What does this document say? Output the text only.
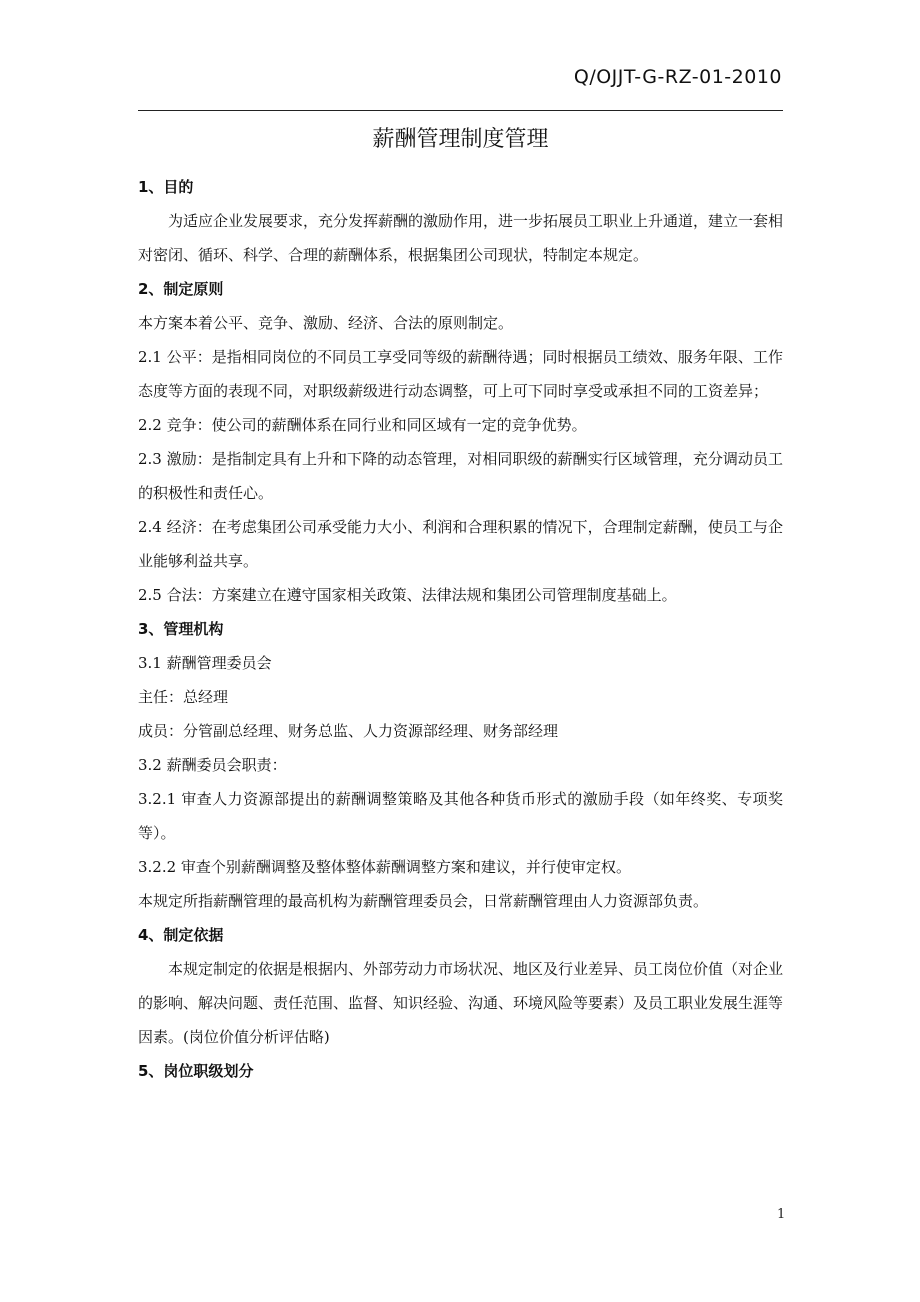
Q/OJJT-G-RZ-01-2010
薪酬管理制度管理

1、目的

为适应企业发展要求，充分发挥薪酬的激励作用，进一步拓展员工职业上升通道，建立一套相对密闭、循环、科学、合理的薪酬体系，根据集团公司现状，特制定本规定。

2、制定原则

本方案本着公平、竞争、激励、经济、合法的原则制定。

2.1 公平：是指相同岗位的不同员工享受同等级的薪酬待遇；同时根据员工绩效、服务年限、工作态度等方面的表现不同，对职级薪级进行动态调整，可上可下同时享受或承担不同的工资差异；

2.2 竞争：使公司的薪酬体系在同行业和同区域有一定的竞争优势。

2.3 激励：是指制定具有上升和下降的动态管理，对相同职级的薪酬实行区域管理，充分调动员工的积极性和责任心。

2.4 经济：在考虑集团公司承受能力大小、利润和合理积累的情况下，合理制定薪酬，使员工与企业能够利益共享。

2.5 合法：方案建立在遵守国家相关政策、法律法规和集团公司管理制度基础上。

3、管理机构

3.1 薪酬管理委员会

主任：总经理

成员：分管副总经理、财务总监、人力资源部经理、财务部经理

3.2 薪酬委员会职责：

3.2.1 审查人力资源部提出的薪酬调整策略及其他各种货币形式的激励手段（如年终奖、专项奖等）。

3.2.2 审查个别薪酬调整及整体整体薪酬调整方案和建议，并行使审定权。

本规定所指薪酬管理的最高机构为薪酬管理委员会，日常薪酬管理由人力资源部负责。

4、制定依据

本规定制定的依据是根据内、外部劳动力市场状况、地区及行业差异、员工岗位价值（对企业的影响、解决问题、责任范围、监督、知识经验、沟通、环境风险等要素）及员工职业发展生涯等因素。(岗位价值分析评估略)

5、岗位职级划分

1
